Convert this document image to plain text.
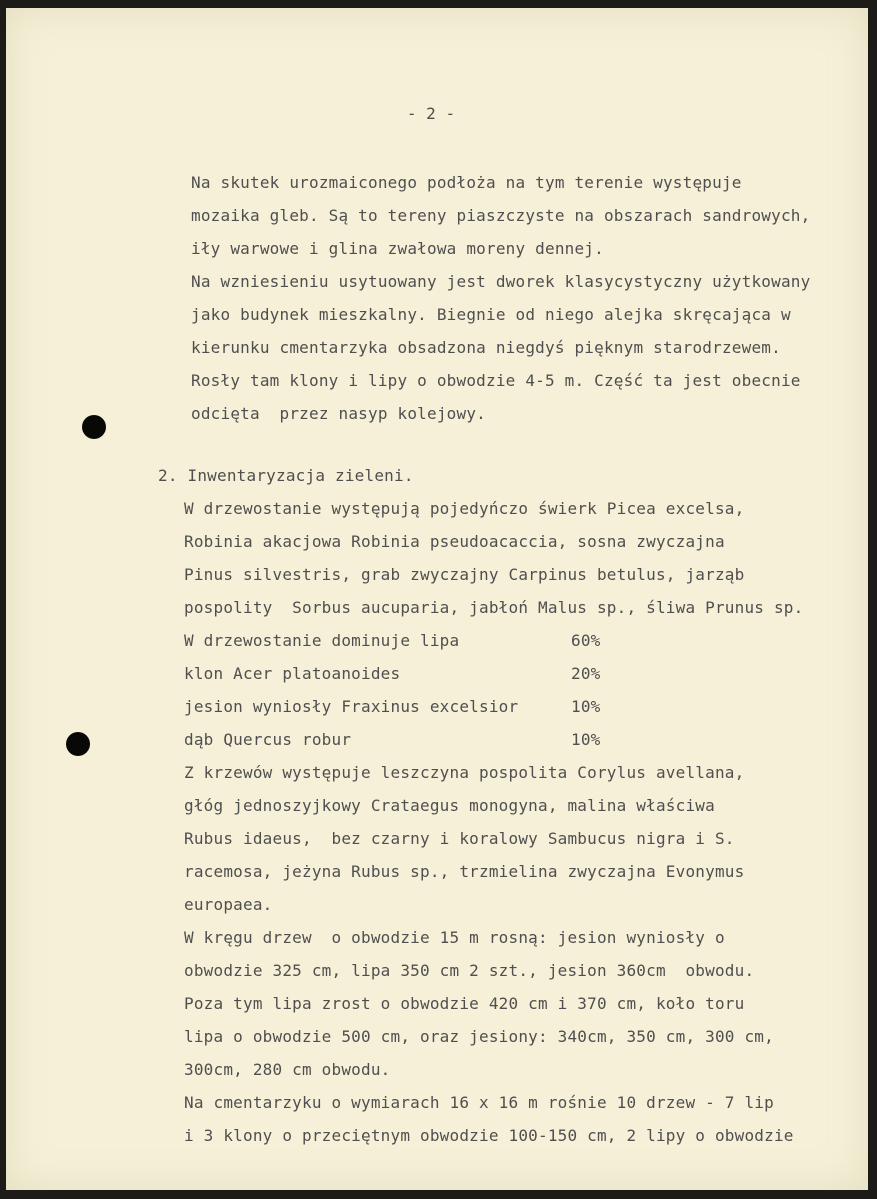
- 2 -
Na skutek urozmaiconego podłoża na tym terenie występuje
mozaika gleb. Są to tereny piaszczyste na obszarach sandrowych,
iły warwowe i glina zwałowa moreny dennej.
Na wzniesieniu usytuowany jest dworek klasycystyczny użytkowany
jako budynek mieszkalny. Biegnie od niego alejka skręcająca w
kierunku cmentarzyka obsadzona niegdyś pięknym starodrzewem.
Rosły tam klony i lipy o obwodzie 4-5 m. Część ta jest obecnie
odcięta  przez nasyp kolejowy.
2. Inwentaryzacja zieleni.
W drzewostanie występują pojedyńczo świerk Picea excelsa,
Robinia akacjowa Robinia pseudoacaccia, sosna zwyczajna
Pinus silvestris, grab zwyczajny Carpinus betulus, jarząb
pospolity  Sorbus aucuparia, jabłoń Malus sp., śliwa Prunus sp.
W drzewostanie dominuje lipa	60%
klon Acer platoanoides	20%
jesion wyniosły Fraxinus excelsior	10%
dąb Quercus robur	10%
Z krzewów występuje leszczyna pospolita Corylus avellana,
głóg jednoszyjkowy Crataegus monogyna, malina właściwa
Rubus idaeus,  bez czarny i koralowy Sambucus nigra i S.
racemosa, jeżyna Rubus sp., trzmielina zwyczajna Evonymus
europaea.
W kręgu drzew  o obwodzie 15 m rosną: jesion wyniosły o
obwodzie 325 cm, lipa 350 cm 2 szt., jesion 360cm  obwodu.
Poza tym lipa zrost o obwodzie 420 cm i 370 cm, koło toru
lipa o obwodzie 500 cm, oraz jesiony: 340cm, 350 cm, 300 cm,
300cm, 280 cm obwodu.
Na cmentarzyku o wymiarach 16 x 16 m rośnie 10 drzew - 7 lip
i 3 klony o przeciętnym obwodzie 100-150 cm, 2 lipy o obwodzie
